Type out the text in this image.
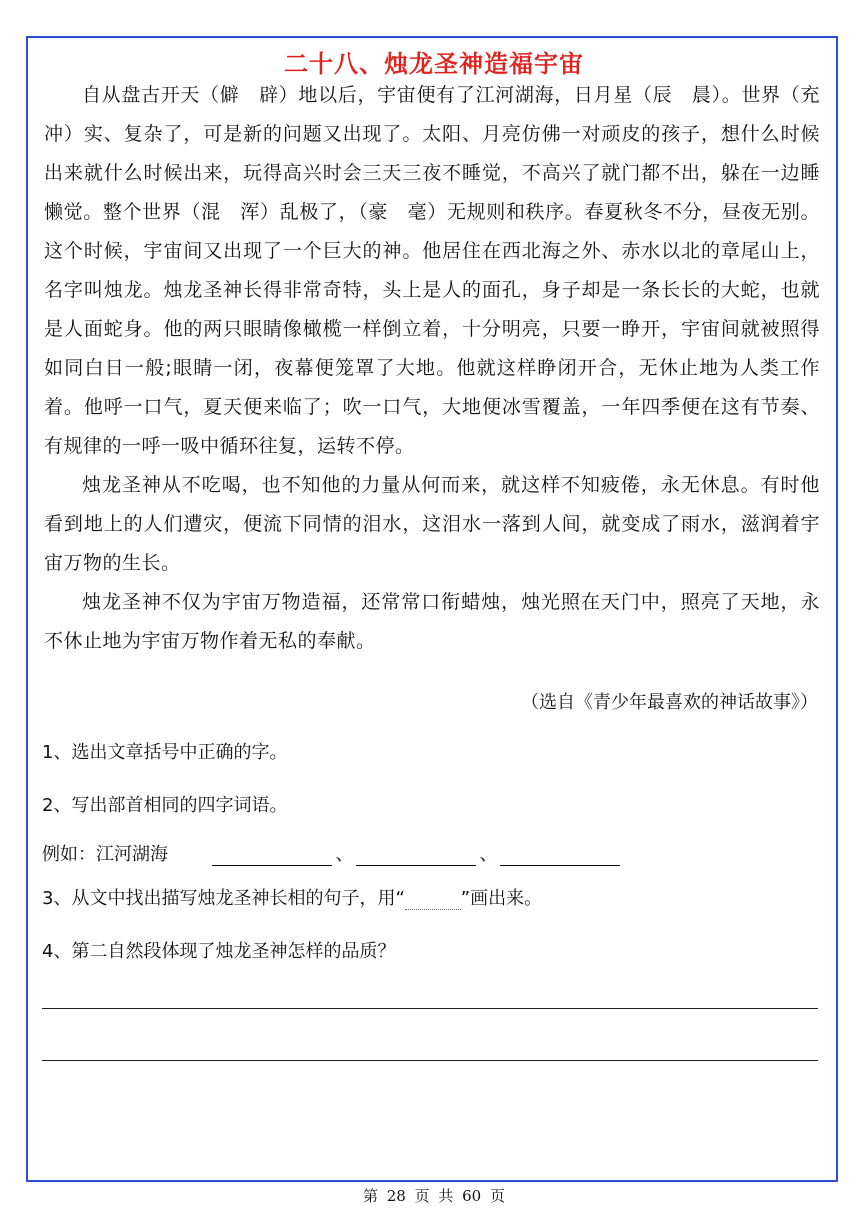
二十八、烛龙圣神造福宇宙

自从盘古开天（僻　辟）地以后，宇宙便有了江河湖海，日月星（辰　晨）。世界（充　冲）实、复杂了，可是新的问题又出现了。太阳、月亮仿佛一对顽皮的孩子，想什么时候出来就什么时候出来，玩得高兴时会三天三夜不睡觉，不高兴了就门都不出，躲在一边睡懒觉。整个世界（混　浑）乱极了，（豪　毫）无规则和秩序。春夏秋冬不分，昼夜无别。这个时候，宇宙间又出现了一个巨大的神。他居住在西北海之外、赤水以北的章尾山上，名字叫烛龙。烛龙圣神长得非常奇特，头上是人的面孔，身子却是一条长长的大蛇，也就是人面蛇身。他的两只眼睛像橄榄一样倒立着，十分明亮，只要一睁开，宇宙间就被照得如同白日一般;眼睛一闭，夜幕便笼罩了大地。他就这样睁闭开合，无休止地为人类工作着。他呼一口气，夏天便来临了；吹一口气，大地便冰雪覆盖，一年四季便在这有节奏、有规律的一呼一吸中循环往复，运转不停。

烛龙圣神从不吃喝，也不知他的力量从何而来，就这样不知疲倦，永无休息。有时他看到地上的人们遭灾，便流下同情的泪水，这泪水一落到人间，就变成了雨水，滋润着宇宙万物的生长。

烛龙圣神不仅为宇宙万物造福，还常常口衔蜡烛，烛光照在天门中，照亮了天地，永不休止地为宇宙万物作着无私的奉献。

（选自《青少年最喜欢的神话故事》）
1、选出文章括号中正确的字。
2、写出部首相同的四字词语。
例如：江河湖海	、	、
3、从文中找出描写烛龙圣神长相的句子，用“	”画出来。
4、第二自然段体现了烛龙圣神怎样的品质？
第 28 页 共 60 页
